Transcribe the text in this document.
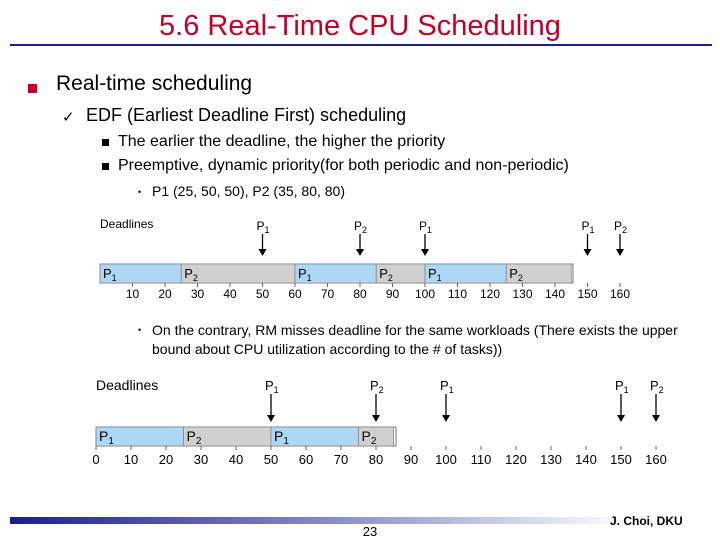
5.6 Real-Time CPU Scheduling
Real-time scheduling
✓ EDF (Earliest Deadline First) scheduling
The earlier the deadline, the higher the priority
Preemptive, dynamic priority(for both periodic and non-periodic)
• P1 (25, 50, 50), P2 (35, 80, 80)
Deadlines	$P_1$	$P_2$	$P_1$	$P_1$ $P_2$
$P_1$	$P_2$	$P_1$	$P_2$	$P_1$	$P_2$
10 20 30 40 50 60 70 80 90 100 110 120 130 140 150 160
• On the contrary, RM misses deadline for the same workloads (There exists the upper bound about CPU utilization according to the # of tasks))
Deadlines	$P_1$	$P_2$	$P_1$	$P_1$ $P_2$
$P_1$	$P_2$	$P_1$	$P_2$
0 10 20 30 40 50 60 70 80 90 100 110 120 130 140 150 160
23
J. Choi, DKU
